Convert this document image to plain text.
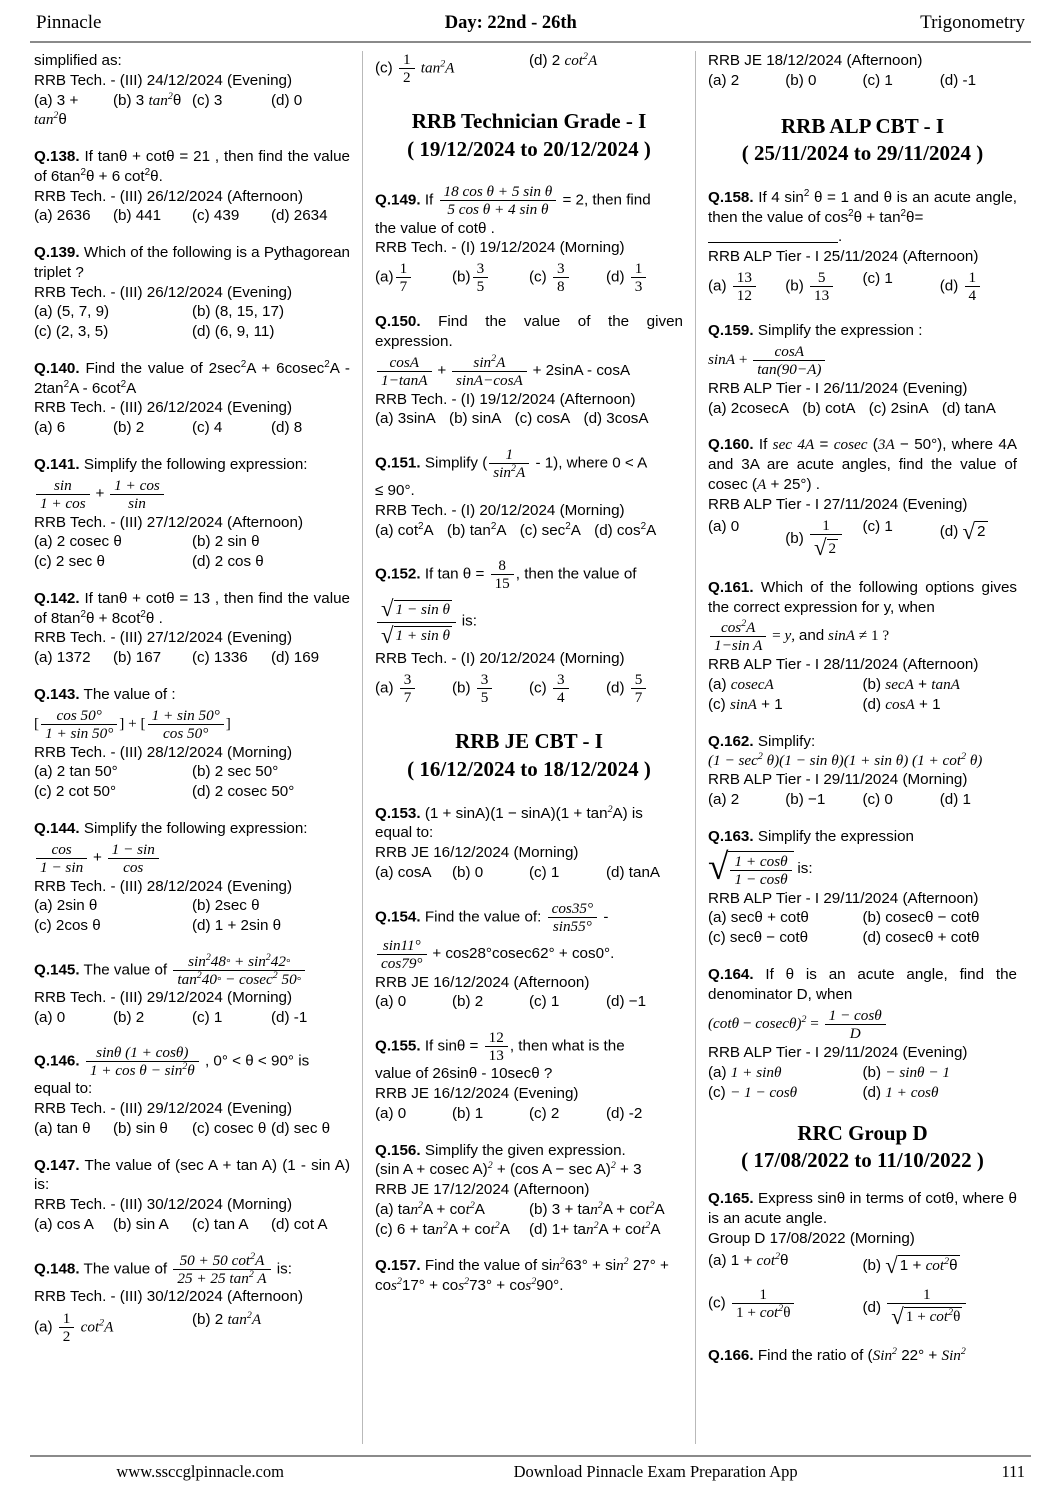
Pinnacle	Day: 22nd - 26th	Trigonometry
simplified as:
RRB Tech. - (III) 24/12/2024 (Evening)
(a) $3 + \tan^2\theta$
(b) 3 $\tan^2\theta$ (c) 3	(d) 0
Q.138. If tanθ + cotθ = 21 , then find the value of $6\tan^2\theta + 6$ $\cot^2\theta$.
RRB Tech. - (III) 26/12/2024 (Afternoon)
(a) 2636	(b) 441	(c) 439	(d) 2634
Q.139. Which of the following is a Pythagorean triplet ?
RRB Tech. - (III) 26/12/2024 (Evening)
(a) (5, 7, 9)	(b) (8, 15, 17)
(c) (2, 3, 5)	(d) (6, 9, 11)
Q.140. Find the value of $2\sec^2A + 6cosec^2A - 2\tan^2A - 6\cot^2A$
RRB Tech. - (III) 26/12/2024 (Evening)
(a) 6	(b) 2	(c) 4	(d) 8
Q.141. Simplify the following expression:
$\frac{\sin}{1 + \cos} + \frac{1 + \cos}{\sin}$
RRB Tech. - (III) 27/12/2024 (Afternoon)
(a) 2 cosec θ	(b) 2 sin θ
(c) 2 sec θ	(d) 2 cos θ
Q.142. If tanθ + cotθ = 13 , then find the value of $8\tan^2\theta + 8\cot^2\theta$ .
RRB Tech. - (III) 27/12/2024 (Evening)
(a) 1372	(b) 167	(c) 1336	(d) 169
Q.143. The value of :
[ $\frac{\cos 50^\circ}{1 + \sin 50^\circ}$ ] + [ $\frac{1 + \sin 50^\circ}{\cos 50^\circ}$ ]
RRB Tech. - (III) 28/12/2024 (Morning)
(a) 2 tan 50°	(b) 2 sec 50°
(c) 2 cot 50°	(d) 2 cosec 50°
Q.144. Simplify the following expression:
$\frac{\cos}{1 - \sin} + \frac{1 - \sin}{\cos}$
RRB Tech. - (III) 28/12/2024 (Evening)
(a) 2sin θ	(b) 2sec θ
(c) 2cos θ	(d) 1 + 2sin θ
Q.145. The value of $\frac{\sin^248^\circ + \sin^242^\circ}{\tan^240^\circ - cosec^2 50^\circ}$
RRB Tech. - (III) 29/12/2024 (Morning)
(a) 0	(b) 2	(c) 1	(d) -1
Q.146. $\frac{\sin\theta (1 + \cos\theta)}{1 + \cos \theta - \sin^2\theta}$ , 0° < θ < 90° is
equal to:
RRB Tech. - (III) 29/12/2024 (Evening)
(a) tan θ	(b) sin θ	(c) cosec θ (d) sec θ
Q.147. The value of (sec A + tan A) (1 - sin A) is:
RRB Tech. - (III) 30/12/2024 (Morning)
(a) cos A	(b) sin A	(c) tan A	(d) cot A
Q.148. The value of $\frac{50 + 50 \cot^2A}{25 + 25 \tan^2 A}$ is:
RRB Tech. - (III) 30/12/2024 (Afternoon)
$(a) \frac{1}{2} \cot^2A$	(b) 2 $\tan^2A$
$(c) \frac{1}{2} \tan^2A$	(d) 2 $\cot^2A$
RRB Technician Grade - I
( 19/12/2024 to 20/12/2024 )
Q.149. If $\frac{\text{18 cos θ + 5 sin θ}}{\text{5 cos θ + 4 sin θ}} = 2$, then find
the value of cotθ .
RRB Tech. - (I) 19/12/2024 (Morning)
$(a) \frac{1}{7}$	$(b) \frac{3}{5}$	$(c) \frac{3}{8} (d) \frac{1}{3}$
Q.150. Find the value of the given expression.
$\frac{\cos A}{1-\tan A} + \frac{\sin^2A}{\sin A-\cos A} + 2\sin A - \cos A$
RRB Tech. - (I) 19/12/2024 (Afternoon)
(a) 3sinA (b) sinA (c) cosA (d) 3cosA
Q.151. Simplify ( $\frac{1}{\sin^2A} - 1$), where 0 < A
≤ 90°.
RRB Tech. - (I) 20/12/2024 (Morning)
(a) $\cot^2A$ (b) $\tan^2A$ (c) $\sec^2A$ (d) $\cos^2A$
Q.152. If $\tan \theta = \frac{8}{15}$ , then the value of
$\frac{\text{√ 1 − sin θ}}{\text{√ 1 + sin θ}}$ is:
RRB Tech. - (I) 20/12/2024 (Morning)
$(a) \frac{3}{7} (b) \frac{3}{5} (c) \frac{3}{4} (d) \frac{5}{7}$
RRB JE CBT - I
( 16/12/2024 to 18/12/2024 )
Q.153. $(1 + \sin A)(1 - \sin A)(1 + \tan^2A)$ is equal to:
RRB JE 16/12/2024 (Morning)
(a) cosA	(b) 0	(c) 1	(d) tanA
Q.154. Find the value of: $\frac{\cos 35^\circ}{\sin 55^\circ}$ -
$\frac{\sin 11^\circ}{\cos 79^\circ} + \cos 28^\circ cosec62^\circ + \cos 0^\circ$.
RRB JE 16/12/2024 (Afternoon)
(a) 0	(b) 2	(c) 1	(d) −1
Q.155. If $\sin\theta = \frac{12}{13}$ , then what is the
value of 26sinθ - 10secθ ?
RRB JE 16/12/2024 (Evening)
(a) 0	(b) 1	(c) 2	(d) -2
Q.156. Simplify the given expression.
(sin A + cosec A)$^2$ + (cos A − sec A)$^2$ + 3
RRB JE 17/12/2024 (Afternoon)
(a) $\tan^2A + \cot^2A$	(b) $3 + \tan^2A + \cot^2A$
(c) $6 + \tan^2A + \cot^2A$	(d) $1+ \tan^2A + \cot^2A$
Q.157. Find the value of $\sin^263^\circ + \sin^2 27^\circ + \cos^217^\circ + \cos^273^\circ + \cos^290^\circ$.
RRB JE 18/12/2024 (Afternoon)
(a) 2	(b) 0	(c) 1	(d) -1
RRB ALP CBT - I
( 25/11/2024 to 29/11/2024 )
Q.158. If 4 $\sin^2 \theta = 1$ and θ is an acute angle, then the value of $\cos^2\theta + \tan^2\theta=$
.
RRB ALP Tier - I 25/11/2024 (Afternoon)
$(a) \frac{13}{12} (b) \frac{5}{13} (c)$ 1	$(d) \frac{1}{4}$
Q.159. Simplify the expression :
$\sin A + \frac{\cos A}{\tan(90-A)}$
RRB ALP Tier - I 26/11/2024 (Evening)
(a) 2cosecA (b) cotA (c) 2sinA (d) tanA
Q.160. If sec 4A = cosec (3A − 50°), where 4A and 3A are acute angles, find the value of cosec (A + 25°) .
RRB ALP Tier - I 27/11/2024 (Evening)
(a) 0
$(b) \frac{1}{√ 2} (c)$ 1	(d) √ 2
Q.161. Which of the following options gives the correct expression for y, when
$\frac{\cos^2A}{\text{1−sin A}} = y$, and sinA ≠ 1 ?
RRB ALP Tier - I 28/11/2024 (Afternoon)
(a) cosecA	(b) secA + tanA
(c) sinA + 1	(d) cosA + 1
Q.162. Simplify:
$(1 - \sec^2 \theta)(1 - \sin \theta)(1 + \sin \theta)$ $(1 + \cot^2 \theta)$
RRB ALP Tier - I 29/11/2024 (Morning)
(a) 2	(b) −1	(c) 0	(d) 1
Q.163. Simplify the expression
√ $\frac{1 + \cos\theta}{1 - \cos\theta}$ is:
RRB ALP Tier - I 29/11/2024 (Afternoon)
(a) secθ + cotθ	(b) cosecθ − cotθ
(c) secθ − cotθ	(d) cosecθ + cotθ
Q.164. If θ is an acute angle, find the denominator D, when
$(\cot\theta - cosec\theta)^2 = \frac{1 - \cos\theta}{D}$
RRB ALP Tier - I 29/11/2024 (Evening)
(a) 1 + sinθ	(b) − sinθ − 1
(c) − 1 − cosθ	(d) 1 + cosθ
RRC Group D
( 17/08/2022 to 11/10/2022 )
Q.165. Express sinθ in terms of cotθ, where θ is an acute angle.
Group D 17/08/2022 (Morning)
(a) $1 + \cot^2\theta$	(b) √ $1 + \cot^2\theta$
$(c) \frac{1}{1 + \cot^2\theta}$	$(d) \frac{1}{√ 1 + \cot^2\theta}$
Q.166. Find the ratio of (Sin$^2$ 22° + Sin$^2$
www.ssccglpinnacle.com	Download Pinnacle Exam Preparation App	111
